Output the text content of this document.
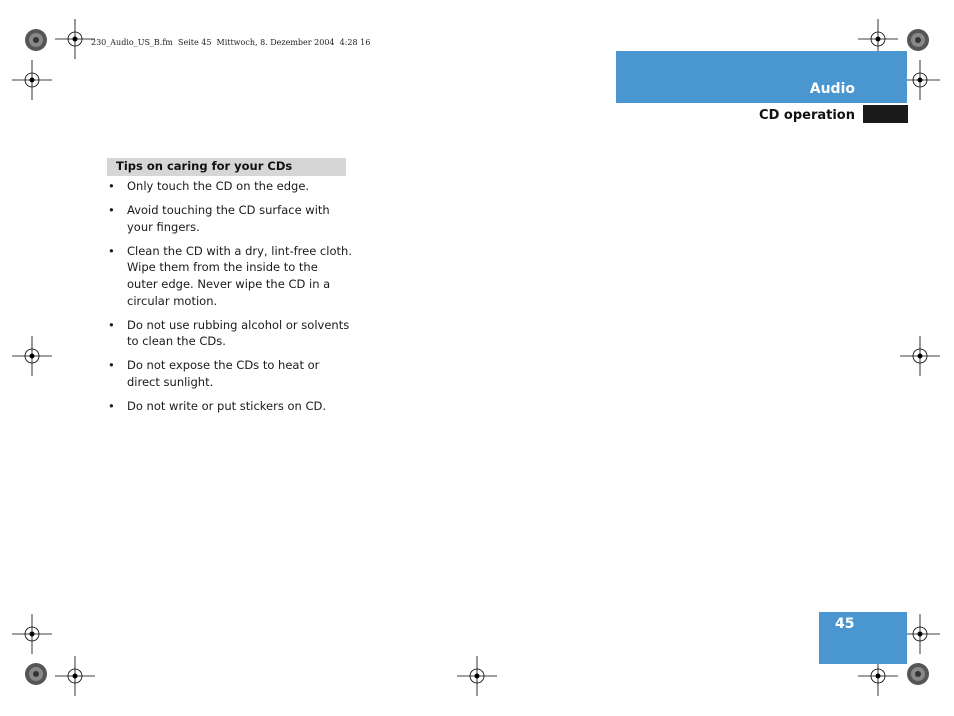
230_Audio_US_B.fm  Seite 45  Mittwoch, 8. Dezember 2004  4:28 16
Audio
CD operation
Tips on caring for your CDs
• Only touch the CD on the edge.
• Avoid touching the CD surface with your fingers.
• Clean the CD with a dry, lint-free cloth. Wipe them from the inside to the outer edge. Never wipe the CD in a circular motion.
• Do not use rubbing alcohol or solvents to clean the CDs.
• Do not expose the CDs to heat or direct sunlight.
• Do not write or put stickers on CD.
45
